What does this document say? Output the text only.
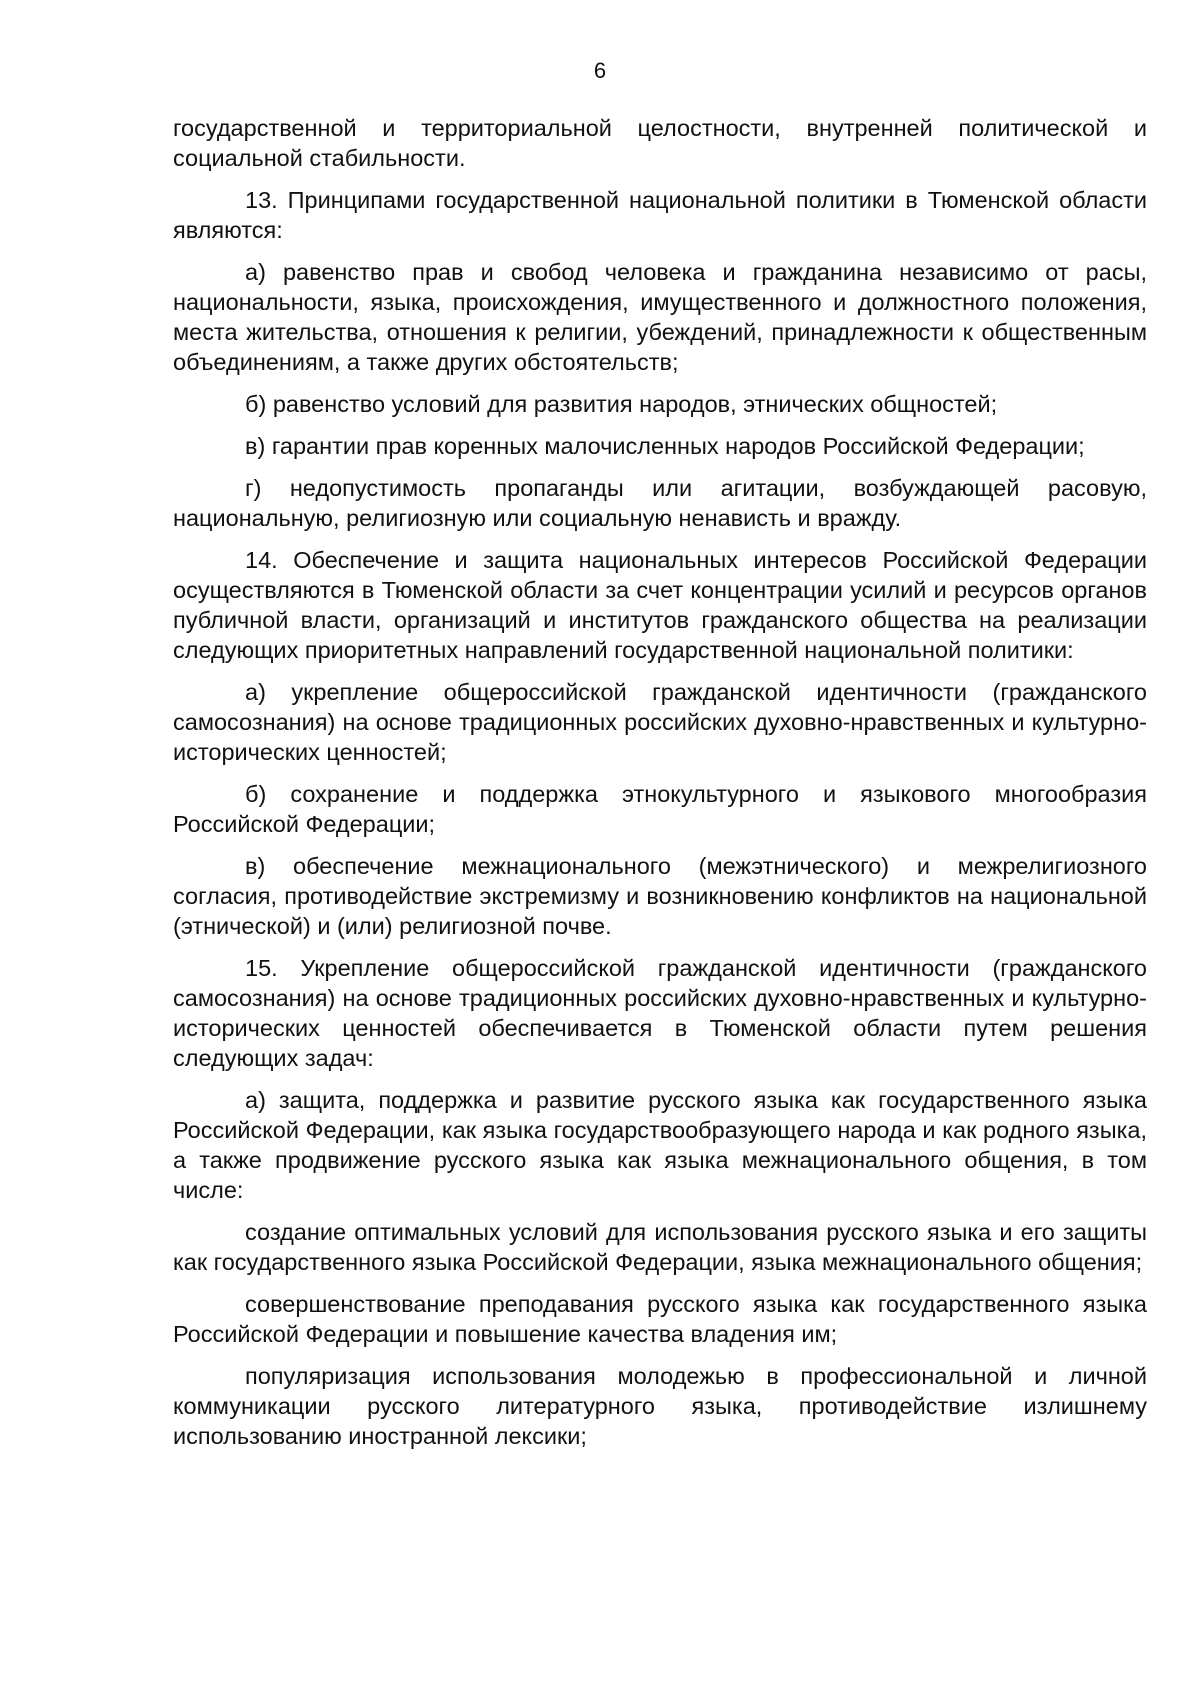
6

государственной и территориальной целостности, внутренней политической и социальной стабильности.

13. Принципами государственной национальной политики в Тюменской области являются:

а) равенство прав и свобод человека и гражданина независимо от расы, национальности, языка, происхождения, имущественного и должностного положения, места жительства, отношения к религии, убеждений, принадлежности к общественным объединениям, а также других обстоятельств;

б) равенство условий для развития народов, этнических общностей;

в) гарантии прав коренных малочисленных народов Российской Федерации;

г) недопустимость пропаганды или агитации, возбуждающей расовую, национальную, религиозную или социальную ненависть и вражду.

14. Обеспечение и защита национальных интересов Российской Федерации осуществляются в Тюменской области за счет концентрации усилий и ресурсов органов публичной власти, организаций и институтов гражданского общества на реализации следующих приоритетных направлений государственной национальной политики:

а) укрепление общероссийской гражданской идентичности (гражданского самосознания) на основе традиционных российских духовно-нравственных и культурно-исторических ценностей;

б) сохранение и поддержка этнокультурного и языкового многообразия Российской Федерации;

в) обеспечение межнационального (межэтнического) и межрелигиозного согласия, противодействие экстремизму и возникновению конфликтов на национальной (этнической) и (или) религиозной почве.

15. Укрепление общероссийской гражданской идентичности (гражданского самосознания) на основе традиционных российских духовно-нравственных и культурно-исторических ценностей обеспечивается в Тюменской области путем решения следующих задач:

а) защита, поддержка и развитие русского языка как государственного языка Российской Федерации, как языка государствообразующего народа и как родного языка, а также продвижение русского языка как языка межнационального общения, в том числе:

создание оптимальных условий для использования русского языка и его защиты как государственного языка Российской Федерации, языка межнационального общения;

совершенствование преподавания русского языка как государственного языка Российской Федерации и повышение качества владения им;

популяризация использования молодежью в профессиональной и личной коммуникации русского литературного языка, противодействие излишнему использованию иностранной лексики;
